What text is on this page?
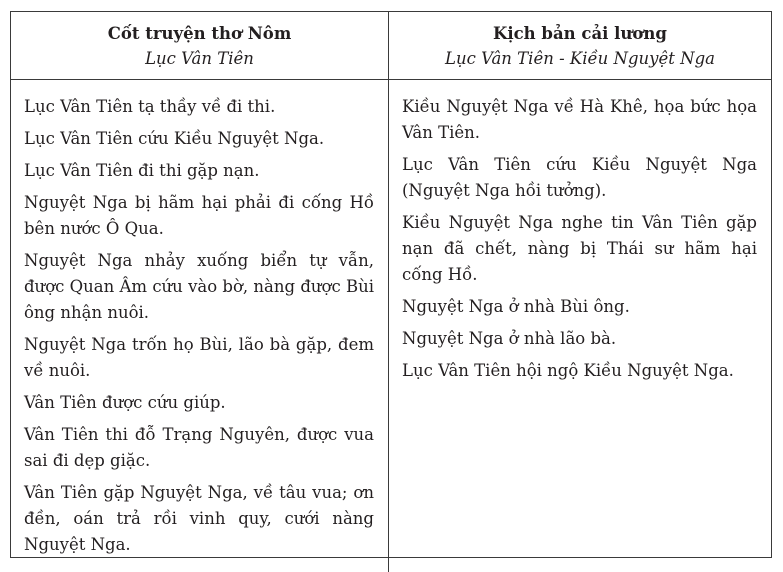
Cốt truyện thơ Nôm
Lục Vân Tiên
Kịch bản cải lương
Lục Vân Tiên - Kiều Nguyệt Nga

Lục Vân Tiên tạ thầy về đi thi.

Lục Vân Tiên cứu Kiều Nguyệt Nga.

Lục Vân Tiên đi thi gặp nạn.

Nguyệt Nga bị hãm hại phải đi cống Hồ bên nước Ô Qua.

Nguyệt Nga nhảy xuống biển tự vẫn, được Quan Âm cứu vào bờ, nàng được Bùi ông nhận nuôi.

Nguyệt Nga trốn họ Bùi, lão bà gặp, đem về nuôi.

Vân Tiên được cứu giúp.

Vân Tiên thi đỗ Trạng Nguyên, được vua sai đi dẹp giặc.

Vân Tiên gặp Nguyệt Nga, về tâu vua; ơn đền, oán trả rồi vinh quy, cưới nàng Nguyệt Nga.

Kiều Nguyệt Nga về Hà Khê, họa bức họa Vân Tiên.

Lục Vân Tiên cứu Kiều Nguyệt Nga (Nguyệt Nga hồi tưởng).

Kiều Nguyệt Nga nghe tin Vân Tiên gặp nạn đã chết, nàng bị Thái sư hãm hại cống Hồ.

Nguyệt Nga ở nhà Bùi ông.

Nguyệt Nga ở nhà lão bà.

Lục Vân Tiên hội ngộ Kiều Nguyệt Nga.
